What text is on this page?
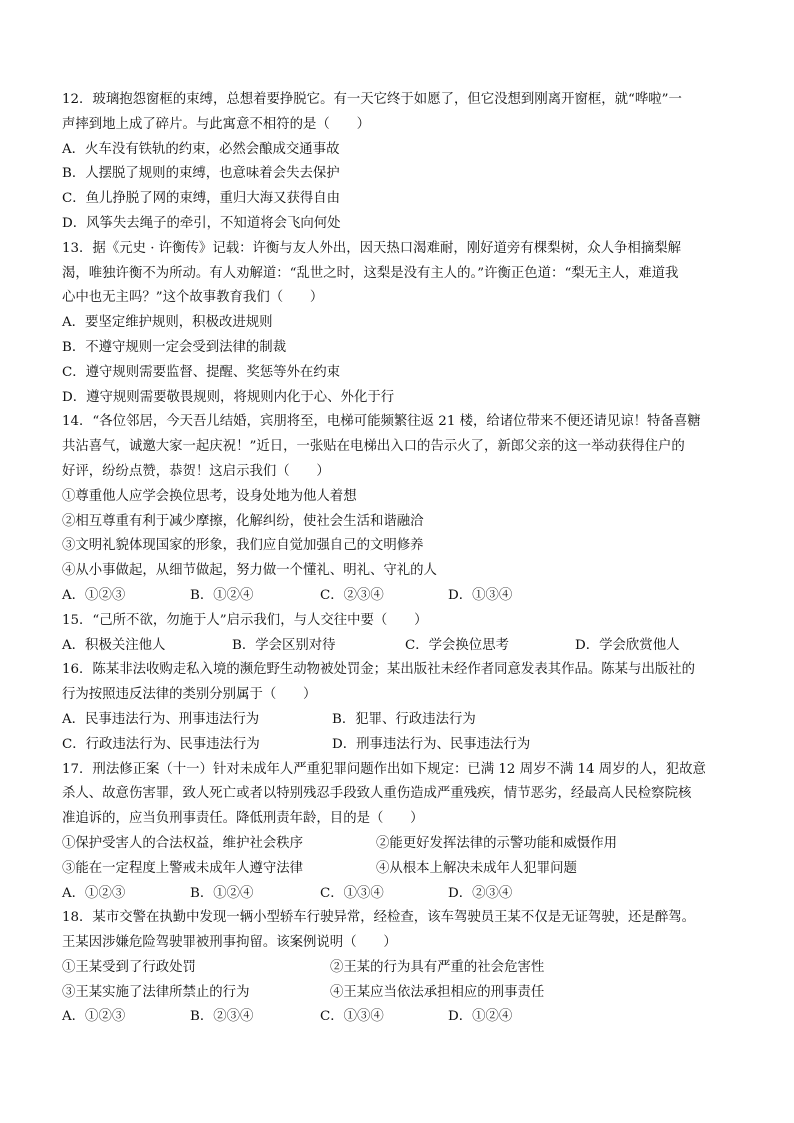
12．玻璃抱怨窗框的束缚，总想着要挣脱它。有一天它终于如愿了，但它没想到刚离开窗框，就“哗啦”一
声摔到地上成了碎片。与此寓意不相符的是（　　）
A．火车没有铁轨的约束，必然会酿成交通事故
B．人摆脱了规则的束缚，也意味着会失去保护
C．鱼儿挣脱了网的束缚，重归大海又获得自由
D．风筝失去绳子的牵引，不知道将会飞向何处
13．据《元史 · 许衡传》记载：许衡与友人外出，因天热口渴难耐，刚好道旁有棵梨树，众人争相摘梨解
渴，唯独许衡不为所动。有人劝解道：“乱世之时，这梨是没有主人的。”许衡正色道：“梨无主人，难道我
心中也无主吗？”这个故事教育我们（　　）
A．要坚定维护规则，积极改进规则
B．不遵守规则一定会受到法律的制裁
C．遵守规则需要监督、提醒、奖惩等外在约束
D．遵守规则需要敬畏规则，将规则内化于心、外化于行
14．“各位邻居，今天吾儿结婚，宾朋将至，电梯可能频繁往返 21 楼，给诸位带来不便还请见谅！特备喜糖
共沾喜气，诚邀大家一起庆祝！”近日，一张贴在电梯出入口的告示火了，新郎父亲的这一举动获得住户的
好评，纷纷点赞，恭贺！这启示我们（　　）
①尊重他人应学会换位思考，设身处地为他人着想
②相互尊重有利于减少摩擦，化解纠纷，使社会生活和谐融洽
③文明礼貌体现国家的形象，我们应自觉加强自己的文明修养
④从小事做起，从细节做起，努力做一个懂礼、明礼、守礼的人
A．①②③	B．①②④	C．②③④	D．①③④
15．“己所不欲，勿施于人”启示我们，与人交往中要（　　）
A．积极关注他人	B．学会区别对待	C．学会换位思考	D．学会欣赏他人
16．陈某非法收购走私入境的濒危野生动物被处罚金；某出版社未经作者同意发表其作品。陈某与出版社的
行为按照违反法律的类别分别属于（　　）
A．民事违法行为、刑事违法行为	B．犯罪、行政违法行为
C．行政违法行为、民事违法行为	D．刑事违法行为、民事违法行为
17．刑法修正案（十一）针对未成年人严重犯罪问题作出如下规定：已满 12 周岁不满 14 周岁的人，犯故意
杀人、故意伤害罪，致人死亡或者以特别残忍手段致人重伤造成严重残疾，情节恶劣，经最高人民检察院核
准追诉的，应当负刑事责任。降低刑责年龄，目的是（　　）
①保护受害人的合法权益，维护社会秩序	②能更好发挥法律的示警功能和威慑作用
③能在一定程度上警戒未成年人遵守法律	④从根本上解决未成年人犯罪问题
A．①②③	B．①②④	C．①③④	D．②③④
18．某市交警在执勤中发现一辆小型轿车行驶异常，经检查，该车驾驶员王某不仅是无证驾驶，还是醉驾。
王某因涉嫌危险驾驶罪被刑事拘留。该案例说明（　　）
①王某受到了行政处罚	②王某的行为具有严重的社会危害性
③王某实施了法律所禁止的行为	④王某应当依法承担相应的刑事责任
A．①②③	B．②③④	C．①③④	D．①②④
